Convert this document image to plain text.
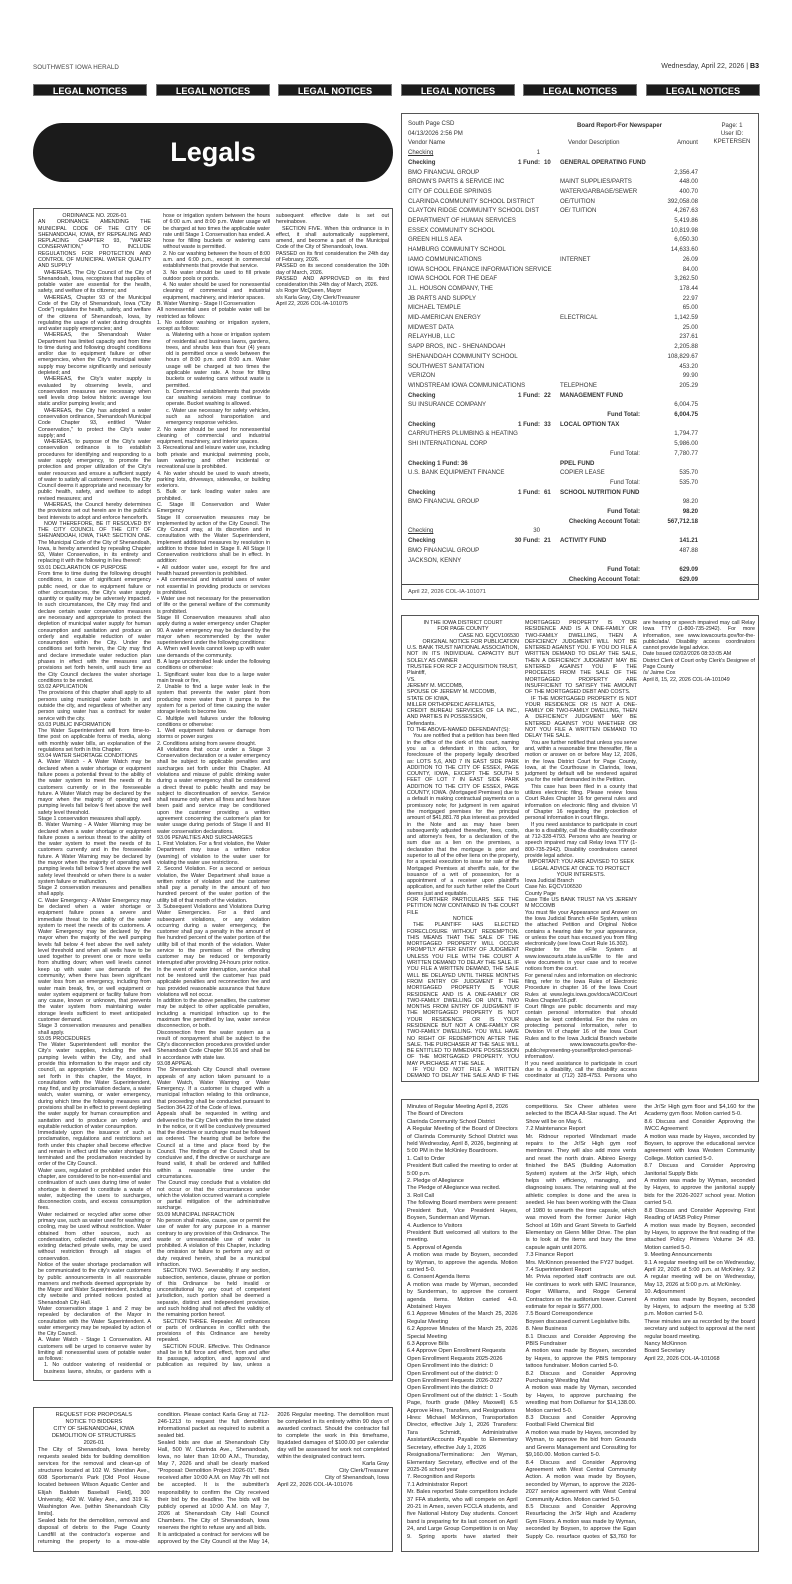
SOUTHWEST IOWA HERALD	Wednesday, April 22, 2026 | B3
LEGAL NOTICES	LEGAL NOTICES	LEGAL NOTICES	LEGAL NOTICES	LEGAL NOTICES	LEGAL NOTICES
Legals

ORDINANCE NO. 2026-01

AN ORDINANCE AMENDING THE MUNICIPAL CODE OF THE CITY OF SHENANDOAH, IOWA, BY REPEALING AND REPLACING CHAPTER 93, "WATER CONSERVATION," TO INCLUDE REGULATIONS FOR PROTECTION AND CONTROL OF MUNICIPAL WATER QUALITY AND SUPPLY

WHEREAS, The City Council of the City of Shenandoah, Iowa, recognizes that supplies of potable water are essential for the health, safety, and welfare of its citizens; and

WHEREAS, Chapter 93 of the Municipal Code of the City of Shenandoah, Iowa ("City Code") regulates the health, safety, and welfare of the citizens of Shenandoah, Iowa, by regulating the usage of water during droughts and water supply emergencies; and

WHEREAS, the Shenandoah Water Department has limited capacity and from time to time during and following drought conditions and/or due to equipment failure or other emergencies, when the City's municipal water supply may become significantly and seriously depleted; and

WHEREAS, the City's water supply is evaluated by observing levels, and conservation measures are necessary when well levels drop below historic average low static and/or pumping levels; and

WHEREAS, the City has adopted a water conservation ordinance, Shenandoah Municipal Code Chapter 93, entitled "Water Conservation," to protect the City's water supply; and

WHEREAS, to purpose of the City's water conservation ordinance is to establish procedures for identifying and responding to a water supply emergency, to promote the protection and proper utilization of the City's water resources and ensure a sufficient supply of water to satisfy all customers' needs, the City Council deems it appropriate and necessary for public health, safety, and welfare to adopt revised measures; and

WHEREAS, the Council hereby determines the provisions set out herein are in the public's best interests to adopt and enforce henceforth.

NOW THEREFORE, BE IT RESOLVED BY THE CITY COUNCIL OF THE CITY OF SHENANDOAH, IOWA, THAT: SECTION ONE. The Municipal Code of the City of Shenandoah, Iowa, is hereby amended by repealing Chapter 93, Water Conservation, in its entirety and replacing it with the following in lieu thereof:

93.01 DECLARATION OF PURPOSE

From time to time during the following drought conditions, in case of significant emergency public need, or due to equipment failure or other circumstances, the City's water supply quantity or quality may be adversely impacted. In such circumstances, the City may find and declare certain water conservation measures are necessary and appropriate to protect the depletion of municipal water supply for human consumption and sanitation and produce an orderly and equitable reduction of water consumption within the City. Under the conditions set forth herein, the City may find and declare immediate water reduction plan phases in effect with the measures and provisions set forth herein, until such time as the City Council declares the water shortage conditions to be ended.

93.02 APPLICATION

The provisions of this chapter shall apply to all persons using municipal water both in and outside the city, and regardless of whether any person using water has a contract for water service with the city.

93.03 PUBLIC INFORMATION

The Water Superintendent will from time-to-time post on applicable forms of media, along with monthly water bills, an explanation of the regulations set forth in this Chapter.

93.04 WATER SHORTAGE CONDITIONS

A. Water Watch - A Water Watch may be declared when a water shortage or equipment failure poses a potential threat to the ability of the water system to meet the needs of its customers currently or in the foreseeable future. A Water Watch may be declared by the mayor when the majority of operating well pumping levels fall below 6 feet above the well safety level threshold.

Stage 1 conservation measures shall apply.

B. Water Warning - A Water Warning may be declared when a water shortage or equipment failure poses a serious threat to the ability of the water system to meet the needs of its customers currently and in the foreseeable future. A Water Warning may be declared by the mayor when the majority of operating well pumping levels fall below 5 feet above the well safety level threshold or when there is a water system failure or malfunction.

Stage 2 conservation measures and penalties shall apply.

C. Water Emergency - A Water Emergency may be declared when a water shortage or equipment failure poses a severe and immediate threat to the ability of the water system to meet the needs of its customers. A Water Emergency may be declared by the mayor when the majority of the well pumping levels fall below 4 feet above the well safety level threshold and when all wells have to be used together to prevent one or more wells from shutting down; when well levels cannot keep up with water use demands of the community; when there has been significant water loss from an emergency, including from water main break, fire, or well equipment or water system equipment or facility failure from any cause, known or unknown, that prevents the water system from maintaining water storage levels sufficient to meet anticipated customer demand.

Stage 3 conservation measures and penalties shall apply.

93.05 PROCEDURES

The Water Superintendent will monitor the City's water supplies, including the well pumping levels within the City, and shall provide this information to the mayor and city council, as appropriate. Under the conditions set forth in this chapter, the Mayor, in consultation with the Water Superintendent, may find, and by proclamation declare, a water watch, water warning, or water emergency, during which time the following measures and provisions shall be in effect to prevent depleting the water supply for human consumption and sanitation and to produce an orderly and equitable reduction of water consumption.

Immediately upon the issuance of such a proclamation, regulations and restrictions set forth under this chapter shall become effective and remain in effect until the water shortage is terminated and the proclamation rescinded by order of the City Council.

Water uses, regulated or prohibited under this chapter, are considered to be non-essential and continuation of such uses during time of water shortage is deemed to constitute a waste of water, subjecting the users to surcharges, disconnection costs, and excess consumption fees.

Water reclaimed or recycled after some other primary use, such as water used for washing or cooling, may be used without restriction. Water obtained from other sources, such as condensation, collected rainwater, snow, and existing detached private wells, may be used without restriction through all stages of conservation.

Notice of the water shortage proclamation will be communicated to the city's water customers by public announcements in all reasonable manners and methods deemed appropriate by the Mayor and Water Superintendent, including city website and printed notices posted at Shenandoah City Hall.

Water conservation stage 1 and 2 may be repealed by declaration of the Mayor in consultation with the Water Superintendent. A water emergency may be repealed by action of the City Council.

A. Water Watch - Stage 1 Conservation. All customers will be urged to conserve water by limiting all nonessential uses of potable water as follows:

1. No outdoor watering of residential or business lawns, shrubs, or gardens with a hose or irrigation system between the hours of 6:00 a.m. and 8:00 p.m. Water usage will be charged at two times the applicable water rate until Stage 1 Conservation has ended. A hose for filling buckets or watering cans without waste is permitted.

2. No car washing between the hours of 8:00 a.m. and 6:00 p.m., except in commercial establishments that provide that service.

3. No water should be used to fill private outdoor pools or ponds.

4. No water should be used for nonessential cleaning of commercial and industrial equipment, machinery, and interior spaces.

B. Water Warning - Stage II Conservation

All nonessential uses of potable water will be restricted as follows:

1. No outdoor washing or irrigation system, except as follows:

a. Watering with a hose or irrigation system of residential and business lawns, gardens, trees, and shrubs less than four (4) years old is permitted once a week between the hours of 8:00 p.m. and 8:00 a.m. Water usage will be charged at two times the applicable water rate. A hose for filling buckets or watering cans without waste is permitted.

b. Commercial establishments that provide car washing services may continue to operate. Bucket washing is allowed.

c. Water use necessary for safety vehicles, such as school transportation and emergency response vehicles.

2. No water should be used for nonessential cleaning of commercial and industrial equipment, machinery, and interior spaces.

3. Recreational and leisure water use, including both private and municipal swimming pools, lawn watering and other incidental or recreational use is prohibited.

4. No water should be used to wash streets, parking lots, driveways, sidewalks, or building exteriors.

5. Bulk or tank loading water sales are prohibited.

C. Stage III Conservation and Water Emergency

Stage III conservation measures may be implemented by action of the City Council. The City Council may, at its discretion and in consultation with the Water Superintendent, implement additional measures by resolution in addition to those listed in Stage II. All Stage II Conservation restrictions shall be in effect. In addition:

• All outdoor water use, except for fire and health hazard prevention is prohibited.

• All commercial and industrial uses of water not essential in providing products or services is prohibited.

• Water use not necessary for the preservation of life or the general welfare of the community is prohibited.

Stage III Conservation measures shall also apply during a water emergency under Chapter 90. A water emergency may be declared by the mayor when recommended by the water superintendent under the following conditions:

A. When well levels cannot keep up with water use demands of the community.

B. A large uncontrolled leak under the following conditions or otherwise:

1. Significant water loss due to a large water main break or fire,

2. Unable to find a large water leak in the system that prevents the water plant from producing more water than it pumps to the system for a period of time causing the water storage levels to become low.

C. Multiple well failures under the following conditions or otherwise:

1. Well equipment failures or damage from storms or power surges

2. Conditions arising from severe drought.

All violations that occur under a Stage 3 Conservation declaration or a water emergency shall be subject to applicable penalties and surcharges set forth under this Chapter. All violations and misuse of public drinking water during a water emergency shall be considered a direct threat to public health and may be subject to discontinuation of service. Service shall resume only when all fines and fees have been paid and service may be conditioned upon the customer providing a written agreement concerning the customer's plan for water usage during periods of Stage II and III water conservation declarations.

93.06 PENALTIES AND SURCHARGES

1. First Violation. For a first violation, the Water Department may issue a written notice (warning) of violation to the water user for violating the water use restrictions.

2. Second Violation. For a second or serious violation, the Water Department shall issue a written notice of violation and the customer shall pay a penalty in the amount of two hundred percent of the water portion of the utility bill of that month of the violation.

3. Subsequent Violations and Violations During Water Emergencies. For a third and subsequent violations, or any violation occurring during a water emergency, the customer shall pay a penalty in the amount of five hundred percent of the water portion of the utility bill of that month of the violation. Water service to the premises of the offending customer may be reduced or temporarily interrupted after providing 24-hours prior notice. In the event of water interruption, service shall not be restored until the customer has paid applicable penalties and reconnection fee and has provided reasonable assurance that future violations will not occur.

In addition to the above penalties, the customer may be subject to other applicable penalties, including a municipal infraction up to the maximum fine permitted by law, water service disconnection, or both.

Disconnection from the water system as a result of nonpayment shall be subject to the City's disconnection procedures provided under Shenandoah Code Chapter 90.16 and shall be in accordance with state law.

93.08 APPEAL

The Shenandoah City Council shall oversee appeals of any action taken pursuant to a Water Watch, Water Warning or Water Emergency. If a customer is charged with a municipal infraction relating to this ordinance, that proceeding shall be conducted pursuant to Section 364.22 of the Code of Iowa.

Appeals shall be requested in writing and delivered to the City Clerk within the time stated in the notice, or it will be conclusively presumed that the directive or surcharge must be followed as ordered. The hearing shall be before the Council at a time and place fixed by the Council. The findings of the Council shall be conclusive and, if the directive or surcharge are found valid, it shall be ordered and fulfilled within a reasonable time under the circumstances.

The Council may conclude that a violation did not occur or that the circumstances under which the violation occurred warrant a complete or partial mitigation of the administrative surcharge.

93.09 MUNICIPAL INFRACTION

No person shall make, cause, use or permit the use of water for any purpose in a manner contrary to any provision of this Ordinance. The waste or unreasonable use of water is prohibited. A violation of this Chapter, including the omission or failure to perform any act or duty required herein, shall be a municipal infraction.

SECTION TWO. Severability. If any section, subsection, sentence, clause, phrase or portion of this Ordinance be held invalid or unconstitutional by any court of competent jurisdiction, such portion shall be deemed a separate, distinct and independent provision, and such holding shall not affect the validity of the remaining portion hereof.

SECTION THREE. Repealer. All ordinances or parts of ordinances in conflict with the provisions of this Ordinance are hereby repealed.

SECTION FOUR. Effective. This Ordinance shall be in full force and effect, from and after its passage, adoption, and approval and publication as required by law, unless a subsequent effective date is set out hereinabove.

SECTION FIVE. When this ordinance is in effect, it shall automatically supplement, amend, and become a part of the Municipal Code of the City of Shenandoah, Iowa.

PASSED on its first consideration the 24th day of February, 2026.

PASSED on its second consideration the 10th day of March, 2026.

PASSED AND APPROVED on its third consideration this 24th day of March, 2026.

s/s Roger McQueen, Mayor

s/s Karla Gray, City Clerk/Treasurer

April 22, 2026 COL-IA-101075

REQUEST FOR PROPOSALS

NOTICE TO BIDDERS

CITY OF SHENANDOAH, IOWA

DEMOLITION OF STRUCTURES

2026-01

The City of Shenandoah, Iowa hereby requests sealed bids for building demolition services for the removal and clean-up of structures located at 102 W. Sheridan Ave., 608 Sportsman's Park [Old Pool House located between Wilson Aquatic Center and Elijah Baldwin Baseball Field], 300 University, 402 W. Valley Ave., and 319 E. Washington Ave. [within Shenandoah City limits].

Sealed bids for the demolition, removal and disposal of debris to the Page County Landfill at the contractor's expense and returning the property to a mow-able condition. Please contact Karla Gray at 712-246-1213 to request the full demolition informational packet as required to submit a sealed bid.

Sealed bids are due at Shenandoah City Hall, 500 W. Clarinda Ave., Shenandoah, Iowa, no later than 10:00 A.M., Thursday, May 7, 2026 and shall be clearly marked "Proposal: Demolition Project 2026-01". Bids received after 10:00 A.M. on May 7th will not be accepted. It is the submitter's responsibility to confirm the City received their bid by the deadline. The bids will be publicly opened at 10:00 A.M. on May 7, 2026 at Shenandoah City Hall Council Chambers. The City of Shenandoah, Iowa reserves the right to refuse any and all bids.

It is anticipated a contract for services will be approved by the City Council at the May 14, 2026 Regular meeting. The demolition must be completed in its entirety within 90 days of awarded contract. Should the contractor fail to complete the work in this timeframe, liquidated damages of $100.00 per calendar day will be assessed for work not completed within the designated contract term.

Karla Gray

City Clerk/Treasurer

City of Shenandoah, Iowa

April 22, 2026 COL-IA-101076

South Page CSD
04/13/2026 2:56 PM
Board Report-For Newspaper	Page: 1
User ID:
KPETERSEN
Vendor Name	Vendor Description	Amount
Checking	1
Checking	1 Fund: 10 GENERAL OPERATING FUND
BMO FINANCIAL GROUP	2,356.47
BROWN'S PARTS & SERVICE INC	MAINT SUPPLIES/PARTS	448.00
CITY OF COLLEGE SPRINGS	WATER/GARBAGE/SEWER	400.70
CLARINDA COMMUNITY SCHOOL DISTRICT	OE/TUITION	392,058.08
CLAYTON RIDGE COMMUNITY SCHOOL DIST	OE/ TUITION	4,267.63
DEPARTMENT OF HUMAN SERVICES	5,419.86
ESSEX COMMUNITY SCHOOL	10,819.98
GREEN HILLS AEA	6,050.30
HAMBURG COMMUNITY SCHOOL	14,633.60
IAMO COMMUNICATIONS	INTERNET	26.09
IOWA SCHOOL FINANCE INFORMATION SERVICE	84.00
IOWA SCHOOL FOR THE DEAF	3,262.50
J.L. HOUSON COMPANY, THE	178.44
JB PARTS AND SUPPLY	22.97
MICHAEL TEMPLE	65.00
MID-AMERICAN ENERGY	ELECTRICAL	1,142.59
MIDWEST DATA	25.00
RELAYHUB, LLC	237.61
SAPP BROS, INC - SHENANDOAH	2,205.88
SHENANDOAH COMMUNITY SCHOOL	108,829.67
SOUTHWEST SANITATION	453.20
VERIZON	99.90
WINDSTREAM IOWA COMMUNICATIONS	TELEPHONE	205.29
Checking	1 Fund: 22 MANAGEMENT FUND
SU INSURANCE COMPANY	6,004.75
Fund Total:	6,004.75
Checking	1 Fund: 33 LOCAL OPTION TAX
CARRUTHERS PLUMBING & HEATING	1,794.77
SHI INTERNATIONAL CORP	5,986.00
Fund Total:	7,780.77
Checking 1 Fund: 36	PPEL FUND
U.S. BANK EQUIPMENT FINANCE	COPIER LEASE	535.70
Fund Total:	535.70
Checking	1 Fund: 61 SCHOOL NUTRITION FUND
BMO FINANCIAL GROUP	98.20
Fund Total:	98.20
Checking Account Total:	567,712.18
Checking	30
Checking	30 Fund: 21 ACTIVITY FUND	141.21
BMO FINANCIAL GROUP	487.88
JACKSON, KENNY
Fund Total:	629.09
Checking Account Total:	629.09
April 22, 2026 COL-IA-101071

IN THE IOWA DISTRICT COURT

FOR PAGE COUNTY

CASE NO. EQCV106530

ORIGINAL NOTICE FOR PUBLICATION

U.S. BANK TRUST NATIONAL ASSOCIATION, NOT IN ITS INDIVIDUAL CAPACITY BUT SOLELY AS OWNER

TRUSTEE FOR RCF 2 ACQUISITION TRUST,

Plaintiff,

VS.

JEREMY M. MCCOMB,

SPOUSE OF JEREMY M. MCCOMB,

STATE OF IOWA,

MILLER ORTHOPEDIC AFFILIATES,

CREDIT BUREAU SERVICES OF LA INC., AND PARTIES IN POSSESSION,

Defendants.

TO THE ABOVE-NAMED DEFENDANT(S):

You are notified that a petition has been filed in the office of the clerk of this court, naming you as a defendant in this action, for foreclosure of the property legally described as: LOTS 5,6, AND 7 IN EAST SIDE PARK ADDITION TO THE CITY OF ESSEX, PAGE COUNTY, IOWA, EXCEPT THE SOUTH 5 FEET OF LOT 7 IN EAST SIDE PARK ADDITION TO THE CITY OF ESSEX, PAGE COUNTY, IOWA. (Mortgaged Premises) due to a default in making contractual payments on a promissory note; for judgment in rem against the mortgaged premises for the principal amount of $41,881.78 plus interest as provided in the Note and as may have been subsequently adjusted thereafter, fees, costs, and attorney's fees, for a declaration of the sum due as a lien on the premises, a declaration that the mortgage is prior and superior to all of the other liens on the property, for a special execution to issue for sale of the Mortgaged Premises at sheriff's sale, for the issuance of a writ of possession, for a appointment of a receiver upon plaintiff's application, and for such further relief the Court deems just and equitable.

FOR FURTHER PARTICULARS SEE THE PETITION NOW CONTAINED IN THE COURT FILE

NOTICE

THE PLAINTIFF HAS ELECTED FORECLOSURE WITHOUT REDEMPTION. THIS MEANS THAT THE SALE OF THE MORTGAGED PROPERTY WILL OCCUR PROMPTLY AFTER ENTRY OF JUDGMENT UNLESS YOU FILE WITH THE COURT A WRITTEN DEMAND TO DELAY THE SALE. IF YOU FILE A WRITTEN DEMAND, THE SALE WILL BE DELAYED UNTIL THREE MONTHS FROM ENTRY OF JUDGMENT IF THE MORTGAGED PROPERTY IS YOUR RESIDENCE AND IS A ONE-FAMILY OR TWO-FAMILY DWELLING OR UNTIL TWO MONTHS FROM ENTRY OF JUDGMENT IF THE MORTGAGED PROPERTY IS NOT YOUR RESIDENCE OR IS YOUR RESIDENCE BUT NOT A ONE-FAMILY OR TWO-FAMILY DWELLING. YOU WILL HAVE NO RIGHT OF REDEMPTION AFTER THE SALE. THE PURCHASER AT THE SALE WILL BE ENTITLED TO IMMEDIATE POSSESSION OF THE MORTGAGED PROPERTY. YOU MAY PURCHASE AT THE SALE.

IF YOU DO NOT FILE A WRITTEN DEMAND TO DELAY THE SALE AND IF THE MORTGAGED PROPERTY IS YOUR RESIDENCE AND IS A ONE-FAMILY OR TWO-FAMILY DWELLING, THEN A DEFICIENCY JUDGMENT WILL NOT BE ENTERED AGAINST YOU. IF YOU DO FILE A WRITTEN DEMAND TO DELAY THE SALE, THEN A DEFICIENCY JUDGMENT MAY BE ENTERED AGAINST YOU IF THE PROCEEDS FROM THE SALE OF THE MORTGAGED PROPERTY ARE INSUFFICIENT TO SATISFY THE AMOUNT OF THE MORTGAGED DEBT AND COSTS.

IF THE MORTGAGED PROPERTY IS NOT YOUR RESIDENCE OR IS NOT A ONE- FAMILY OR TWO-FAMILY DWELLING, THEN A DEFICIENCY JUDGMENT MAY BE ENTERED AGAINST YOU WHETHER OR NOT YOU FILE A WRITTEN DEMAND TO DELAY THE SALE.

You are further notified that unless you serve and, within a reasonable time thereafter, file a motion or answer on or before May 12, 2026, in the Iowa District Court for Page County, Iowa, at the Courthouse in Clarinda, Iowa, judgment by default will be rendered against you for the relief demanded in the Petition.

This case has been filed in a county that utilizes electronic filing. Please review Iowa Court Rules Chapter 16 for general rules and information on electronic filing and division VI of Chapter 16 regarding the protection of personal information in court filings.

If you need assistance to participate in court due to a disability, call the disability coordinator at 712-328-4793. Persons who are hearing or speech impaired may call Relay Iowa TTY (1-800-735-2942). Disability coordinators cannot provide legal advice.

IMPORTANT: YOU ARE ADVISED TO SEEK LEGAL ADVICE AT ONCE TO PROTECT YOUR INTERESTS.

Iowa Judicial Branch

Case No. EQCV106530

County Page

Case Title US BANK TRUST NA VS JEREMY M MCCOMB

You must file your Appearance and Answer on the Iowa Judicial Branch eFile System, unless the attached Petition and Original Notice contains a hearing date for your appearance, or unless the court has excused you from filing electronically (see Iowa Court Rule 16.302).

Register for the eFile System at www.iowacourts.state.ia.us/Efile to file and view documents in your case and to receive notices from the court.

For general rules and information on electronic filing, refer to the Iowa Rules of Electronic Procedure in chapter 16 of the Iowa Court Rules at www.legis.iowa.gov/docs/ACO/Court Rules Chapter/16.pdf.

Court filings are public documents and may contain personal information that should always be kept confidential. For the rules on protecting personal information, refer to Division VI of chapter 16 of the Iowa Court Rules and to the Iowa Judicial Branch website at www.iowacourts.gov/for-the-public/representing-yourself/protect-personal-information/.

If you need assistance to participate in court due to a disability, call the disability access coordinator at (712) 328-4753. Persons who are hearing or speech impaired may call Relay Iowa TTY (1-800-735-2942). For more information, see www.iowacourts.gov/for-the-public/ada/. Disability access coordinators cannot provide legal advice.

Date Issued 02/02/2026 08:33:05 AM

District Clerk of Court or/by Clerk's Designee of Page County

/s/ Jaime Cox

April 8, 15, 22, 2026 COL-IA-101049

Minutes of Regular Meeting April 8, 2026

The Board of Directors

Clarinda Community School District

A Regular Meeting of the Board of Directors of Clarinda Community School District was held Wednesday, April 8, 2026, beginning at 5:00 PM in the McKinley Boardroom.

1. Call to Order

President Butt called the meeting to order at 5:00 p.m.

2. Pledge of Allegiance

The Pledge of Allegiance was recited.

3. Roll Call

The following Board members were present: President Butt, Vice President Hayes, Boysen, Sunderman and Wyman.

4. Audience to Visitors

President Butt welcomed all visitors to the meeting.

5. Approval of Agenda

A motion was made by Boysen, seconded by Wyman, to approve the agenda. Motion carried 5-0.

6. Consent Agenda Items

A motion was made by Wyman, seconded by Sunderman, to approve the consent agenda items. Motion carried 4-0. Abstained: Hayes

6.1 Approve Minutes of the March 25, 2026 Regular Meeting

6.2 Approve Minutes of the March 25, 2026 Special Meeting

6.3 Approve Bills

6.4 Approve Open Enrollment Requests

Open Enrollment Requests 2025-2026

Open Enrollment into the district: 0

Open Enrollment out of the district: 0

Open Enrollment Requests 2026-2027

Open Enrollment into the district: 0

Open Enrollment out of the district: 1 - South Page, fourth grade (Miley Maxwell) 6.5 Approve Hires, Transfers, and Resignations

Hires: Michael McKinnon, Transportation Director, effective July 1, 2026 Transfers: Tara Schmidt, Administrative Assistant/Accounts Payable to Elementary Secretary, effective July 1, 2026

Resignations/Terminations: Jen Wyman, Elementary Secretary, effective end of the 2025-26 school year

7. Recognition and Reports

7.1 Administrator Report

Mr. Bales reported State competitors include 37 FFA students, who will compete on April 20-21 in Ames, seven FCCLA students, and five National History Day students. Concert band is preparing for its last concert on April 24, and Large Group Competition is on May 9. Spring sports have started their competitions. Six Cheer athletes were selected to the IBCA All-Star squad. The Art Show will be on May 6.

7.2 Maintenance Report

Mr. Ridnour reported Windsmart made repairs to the Jr/Sr High gym roof membrane. They will also add more vents and reset the north drain. Albireo Energy finished the BAS (Building Automation System) system at the Jr/Sr High, which helps with efficiency, managing, and diagnosing issues. The retaining wall at the athletic complex is done and the area is seeded. He has been working with the Class of 1980 to unearth the time capsule, which was moved from the former Junior High School at 16th and Grant Streets to Garfield Elementary on Glenn Miller Drive. The plan is to look at the items and bury the time capsule again until 2076.

7.3 Finance Report

Mrs. McKinnon presented the FY27 budget.

7.4 Superintendent Report

Mr. Privia reported staff contracts are out. He continues to work with EMC Insurance, Roger Williams, and Rogge General Contractors on the auditorium tower. Current estimate for repair is $677,000.

7.5 Board Correspondence

Boysen discussed current Legislative bills.

8. New Business

8.1 Discuss and Consider Approving the PBIS Fundraiser

A motion was made by Boysen, seconded by Hayes, to approve the PBIS temporary tattoos fundraiser. Motion carried 5-0.

8.2 Discuss and Consider Approving Purchasing Wrestling Mat

A motion was made by Wyman, seconded by Hayes, to approve purchasing the wrestling mat from Dollamur for $14,138.00. Motion carried 5-0.

8.3 Discuss and Consider Approving Football Field Chemical Bid

A motion was made by Hayes, seconded by Wyman, to approve the bid from Grounds and Greens Management and Consulting for $9,160.00. Motion carried 5-0.

8.4 Discuss and Consider Approving Agreement with West Central Community Action. A motion was made by Boysen, seconded by Wyman, to approve the 2026-2027 service agreement with West Central Community Action. Motion carried 5-0.

8.5 Discuss and Consider Approving Resurfacing the Jr/Sr High and Academy Gym Floors. A motion was made by Wyman, seconded by Boysen, to approve the Egan Supply Co. resurface quotes of $3,760 for the Jr/Sr High gym floor and $4,160 for the Academy gym floor. Motion carried 5-0.

8.6 Discuss and Consider Approving the IWCC Agreement

A motion was made by Hayes, seconded by Boysen, to approve the educational service agreement with Iowa Western Community College. Motion carried 5-0.

8.7 Discuss and Consider Approving Janitorial Supply Bids

A motion was made by Wyman, seconded by Hayes, to approve the janitorial supply bids for the 2026-2027 school year. Motion carried 5-0.

8.8 Discuss and Consider Approving First Reading of IASB Policy Primer

A motion was made by Boysen, seconded by Hayes, to approve the first reading of the attached Policy Primers Volume 34 #3. Motion carried 5-0.

9. Meeting Announcements

9.1 A regular meeting will be on Wednesday, April 22, 2026 at 5:00 p.m. at McKinley. 9.2 A regular meeting will be on Wednesday, May 13, 2026 at 5:00 p.m. at McKinley.

10. Adjournment

A motion was made by Boysen, seconded by Hayes, to adjourn the meeting at 5:38 p.m. Motion carried 5-0.

These minutes are as recorded by the board secretary and subject to approval at the next regular board meeting.

Nancy McKinnon

Board Secretary

April 22, 2026 COL-IA-101068
